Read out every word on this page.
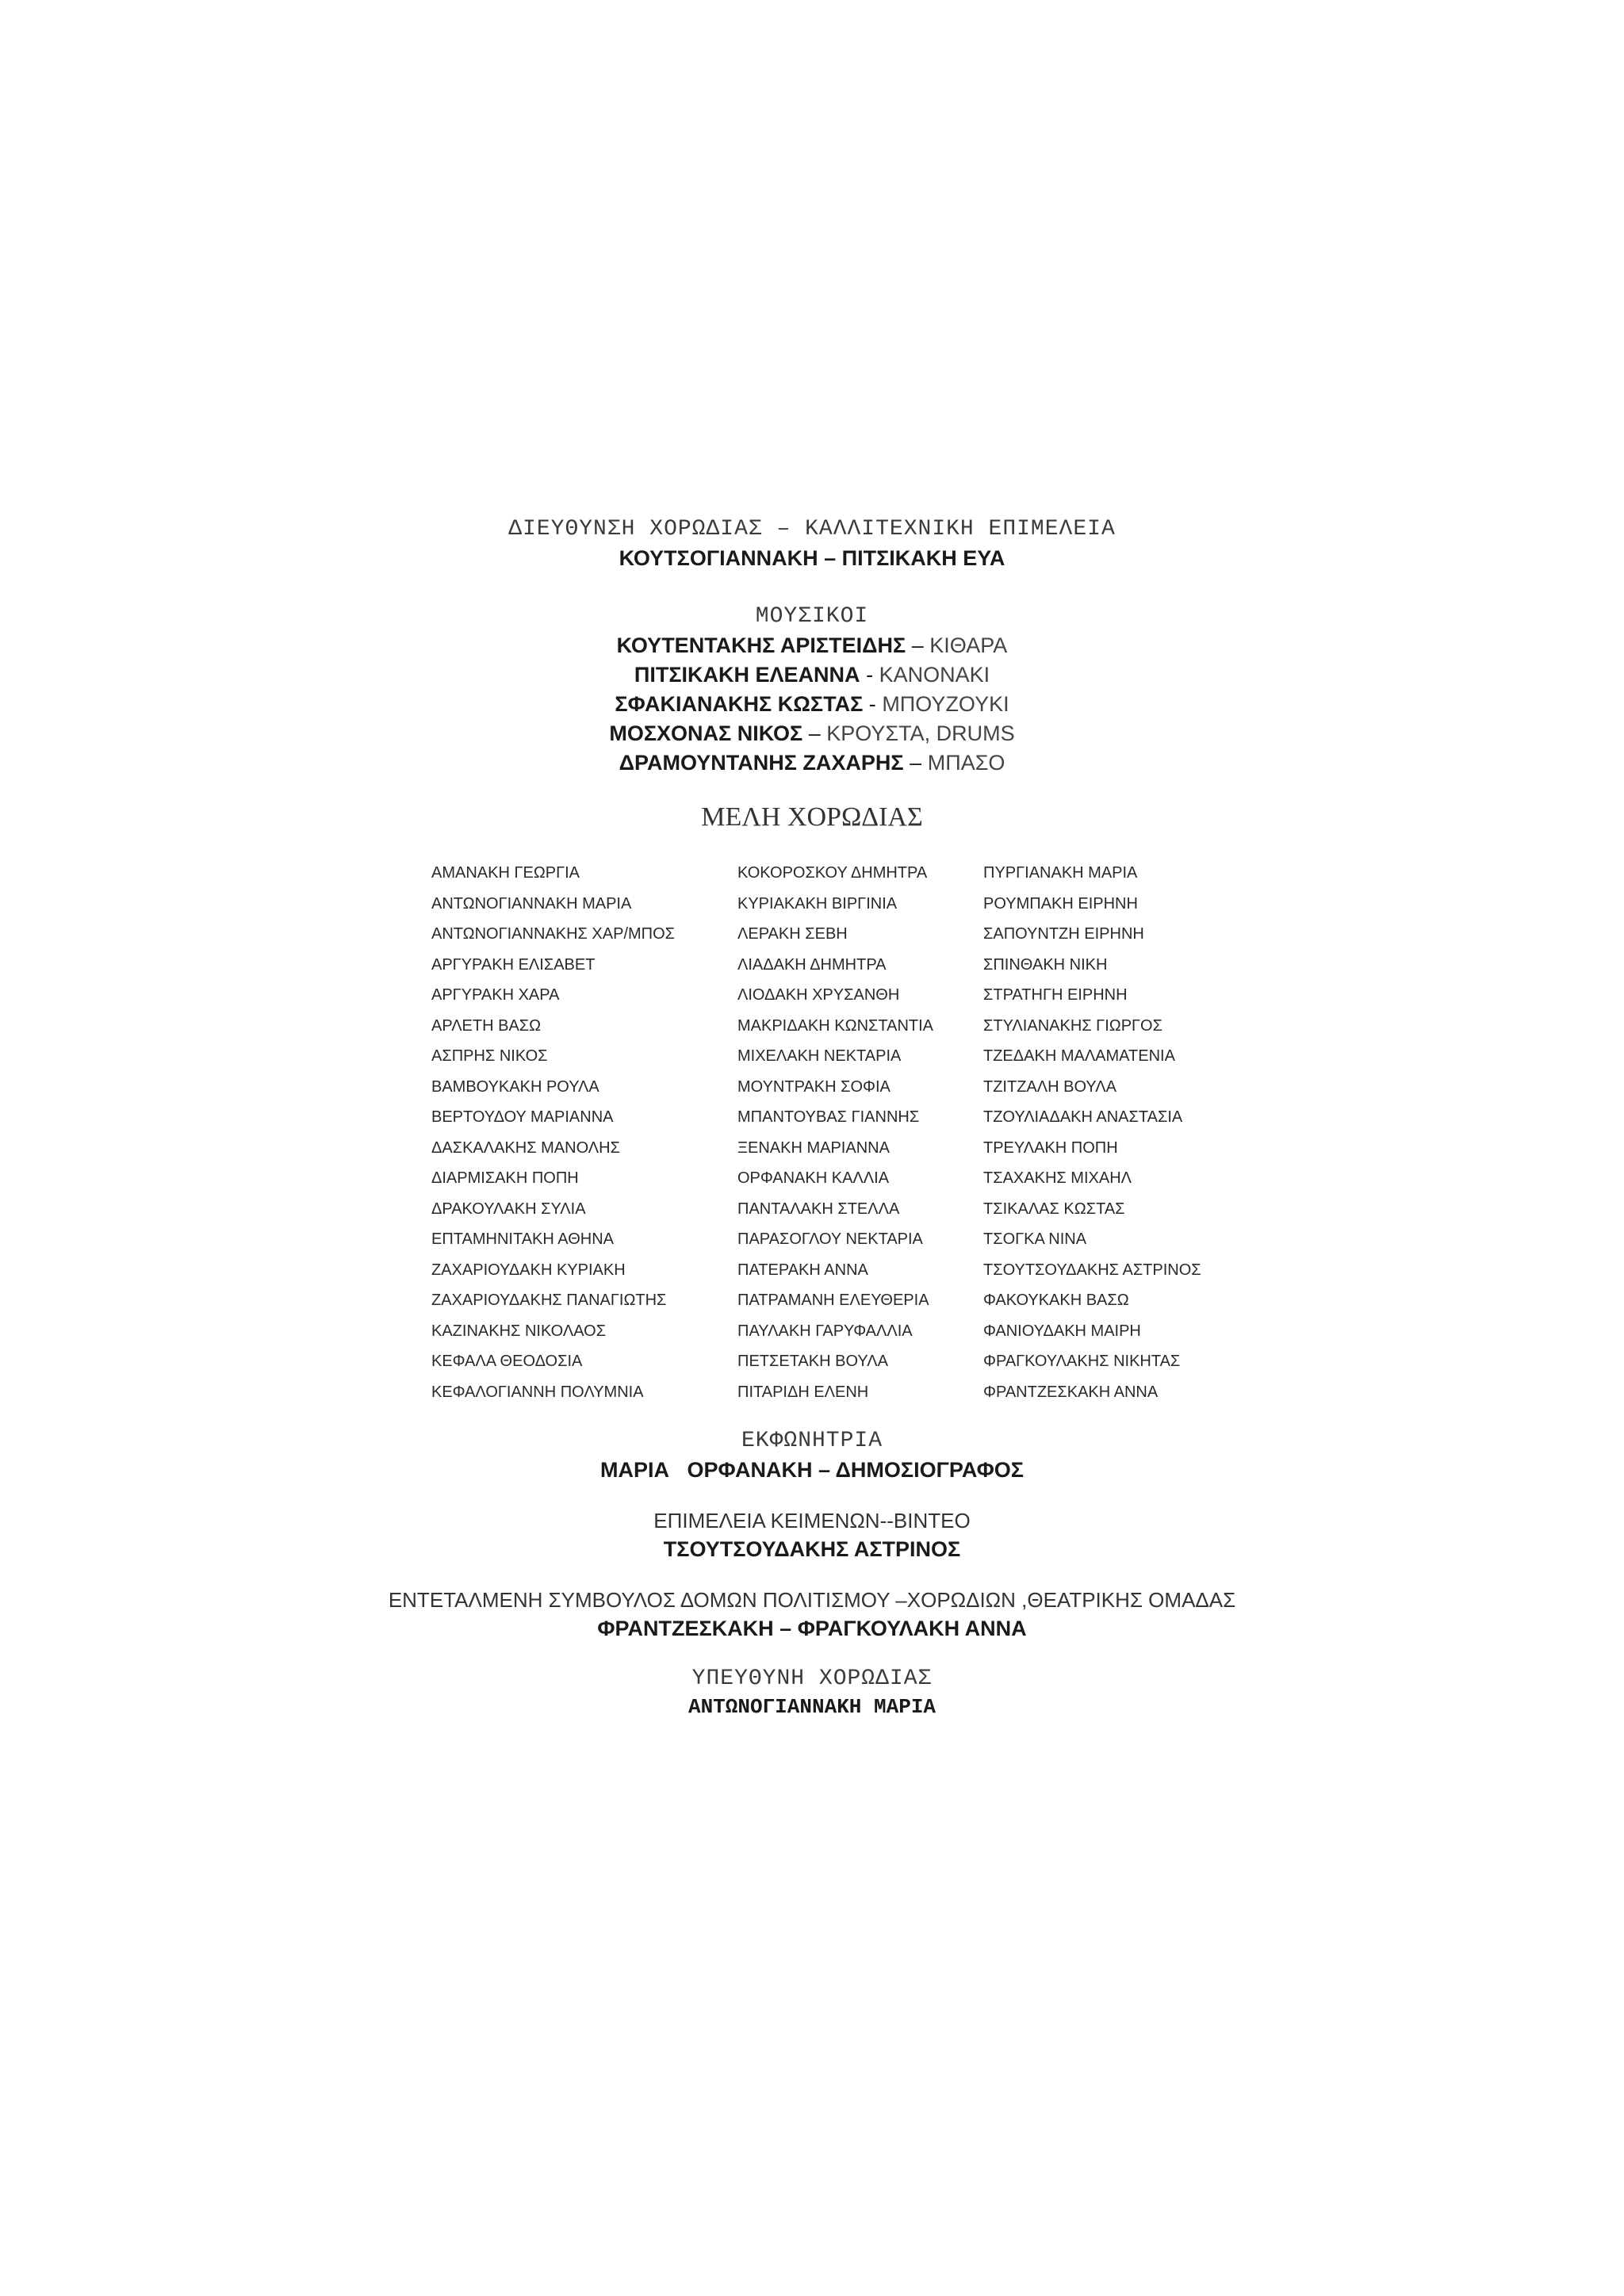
ΔΙΕΥΘΥΝΣΗ ΧΟΡΩΔΙΑΣ – ΚΑΛΛΙΤΕΧΝΙΚΗ ΕΠΙΜΕΛΕΙΑ
ΚΟΥΤΣΟΓΙΑΝΝΑΚΗ – ΠΙΤΣΙΚΑΚΗ ΕΥΑ
ΜΟΥΣΙΚΟΙ
ΚΟΥΤΕΝΤΑΚΗΣ ΑΡΙΣΤΕΙΔΗΣ – ΚΙΘΑΡΑ
ΠΙΤΣΙΚΑΚΗ ΕΛΕΑΝΝΑ - ΚΑΝΟΝΑΚΙ
ΣΦΑΚΙΑΝΑΚΗΣ ΚΩΣΤΑΣ - ΜΠΟΥΖΟΥΚΙ
ΜΟΣΧΟΝΑΣ ΝΙΚΟΣ – ΚΡΟΥΣΤΑ, DRUMS
ΔΡΑΜΟΥΝΤΑΝΗΣ ΖΑΧΑΡΗΣ – ΜΠΑΣΟ
ΜΕΛΗ ΧΟΡΩΔΙΑΣ
ΑΜΑΝΑΚΗ ΓΕΩΡΓΙΑ
ΑΝΤΩΝΟΓΙΑΝΝΑΚΗ ΜΑΡΙΑ
ΑΝΤΩΝΟΓΙΑΝΝΑΚΗΣ ΧΑΡ/ΜΠΟΣ
ΑΡΓΥΡΑΚΗ ΕΛΙΣΑΒΕΤ
ΑΡΓΥΡΑΚΗ ΧΑΡΑ
ΑΡΛΕΤΗ ΒΑΣΩ
ΑΣΠΡΗΣ ΝΙΚΟΣ
ΒΑΜΒΟΥΚΑΚΗ ΡΟΥΛΑ
ΒΕΡΤΟΥΔΟΥ ΜΑΡΙΑΝΝΑ
ΔΑΣΚΑΛΑΚΗΣ ΜΑΝΟΛΗΣ
ΔΙΑΡΜΙΣΑΚΗ ΠΟΠΗ
ΔΡΑΚΟΥΛΑΚΗ ΣΥΛΙΑ
ΕΠΤΑΜΗΝΙΤΑΚΗ ΑΘΗΝΑ
ΖΑΧΑΡΙΟΥΔΑΚΗ ΚΥΡΙΑΚΗ
ΖΑΧΑΡΙΟΥΔΑΚΗΣ ΠΑΝΑΓΙΩΤΗΣ
ΚΑΖΙΝΑΚΗΣ ΝΙΚΟΛΑΟΣ
ΚΕΦΑΛΑ ΘΕΟΔΟΣΙΑ
ΚΕΦΑΛΟΓΙΑΝΝΗ ΠΟΛΥΜΝΙΑ
ΚΟΚΟΡΟΣΚΟΥ ΔΗΜΗΤΡΑ
ΚΥΡΙΑΚΑΚΗ ΒΙΡΓΙΝΙΑ
ΛΕΡΑΚΗ ΣΕΒΗ
ΛΙΑΔΑΚΗ ΔΗΜΗΤΡΑ
ΛΙΟΔΑΚΗ ΧΡΥΣΑΝΘΗ
ΜΑΚΡΙΔΑΚΗ ΚΩΝΣΤΑΝΤΙΑ
ΜΙΧΕΛΑΚΗ ΝΕΚΤΑΡΙΑ
ΜΟΥΝΤΡΑΚΗ ΣΟΦΙΑ
ΜΠΑΝΤΟΥΒΑΣ ΓΙΑΝΝΗΣ
ΞΕΝΑΚΗ ΜΑΡΙΑΝΝΑ
ΟΡΦΑΝΑΚΗ ΚΑΛΛΙΑ
ΠΑΝΤΑΛΑΚΗ ΣΤΕΛΛΑ
ΠΑΡΑΣΟΓΛΟΥ ΝΕΚΤΑΡΙΑ
ΠΑΤΕΡΑΚΗ ΑΝΝΑ
ΠΑΤΡΑΜΑΝΗ ΕΛΕΥΘΕΡΙΑ
ΠΑΥΛΑΚΗ ΓΑΡΥΦΑΛΛΙΑ
ΠΕΤΣΕΤΑΚΗ ΒΟΥΛΑ
ΠΙΤΑΡΙΔΗ ΕΛΕΝΗ
ΠΥΡΓΙΑΝΑΚΗ ΜΑΡΙΑ
ΡΟΥΜΠΑΚΗ ΕΙΡΗΝΗ
ΣΑΠΟΥΝΤΖΗ ΕΙΡΗΝΗ
ΣΠΙΝΘΑΚΗ ΝΙΚΗ
ΣΤΡΑΤΗΓΗ ΕΙΡΗΝΗ
ΣΤΥΛΙΑΝΑΚΗΣ ΓΙΩΡΓΟΣ
ΤΖΕΔΑΚΗ ΜΑΛΑΜΑΤΕΝΙΑ
ΤΖΙΤΖΑΛΗ ΒΟΥΛΑ
ΤΖΟΥΛΙΑΔΑΚΗ ΑΝΑΣΤΑΣΙΑ
ΤΡΕΥΛΑΚΗ ΠΟΠΗ
ΤΣΑΧΑΚΗΣ ΜΙΧΑΗΛ
ΤΣΙΚΑΛΑΣ ΚΩΣΤΑΣ
ΤΣΟΓΚΑ ΝΙΝΑ
ΤΣΟΥΤΣΟΥΔΑΚΗΣ ΑΣΤΡΙΝΟΣ
ΦΑΚΟΥΚΑΚΗ ΒΑΣΩ
ΦΑΝΙΟΥΔΑΚΗ ΜΑΙΡΗ
ΦΡΑΓΚΟΥΛΑΚΗΣ ΝΙΚΗΤΑΣ
ΦΡΑΝΤΖΕΣΚΑΚΗ ΑΝΝΑ
ΕΚΦΩΝΗΤΡΙΑ
ΜΑΡΙΑ   ΟΡΦΑΝΑΚΗ – ΔΗΜΟΣΙΟΓΡΑΦΟΣ
ΕΠΙΜΕΛΕΙΑ ΚΕΙΜΕΝΩΝ--ΒΙΝΤΕΟ
ΤΣΟΥΤΣΟΥΔΑΚΗΣ ΑΣΤΡΙΝΟΣ
ΕΝΤΕΤΑΛΜΕΝΗ ΣΥΜΒΟΥΛΟΣ ΔΟΜΩΝ ΠΟΛΙΤΙΣΜΟΥ –ΧΟΡΩΔΙΩΝ ,ΘΕΑΤΡΙΚΗΣ ΟΜΑΔΑΣ
ΦΡΑΝΤΖΕΣΚΑΚΗ – ΦΡΑΓΚΟΥΛΑΚΗ ΑΝΝΑ
ΥΠΕΥΘΥΝΗ ΧΟΡΩΔΙΑΣ
ΑΝΤΩΝΟΓΙΑΝΝΑΚΗ ΜΑΡΙΑ
